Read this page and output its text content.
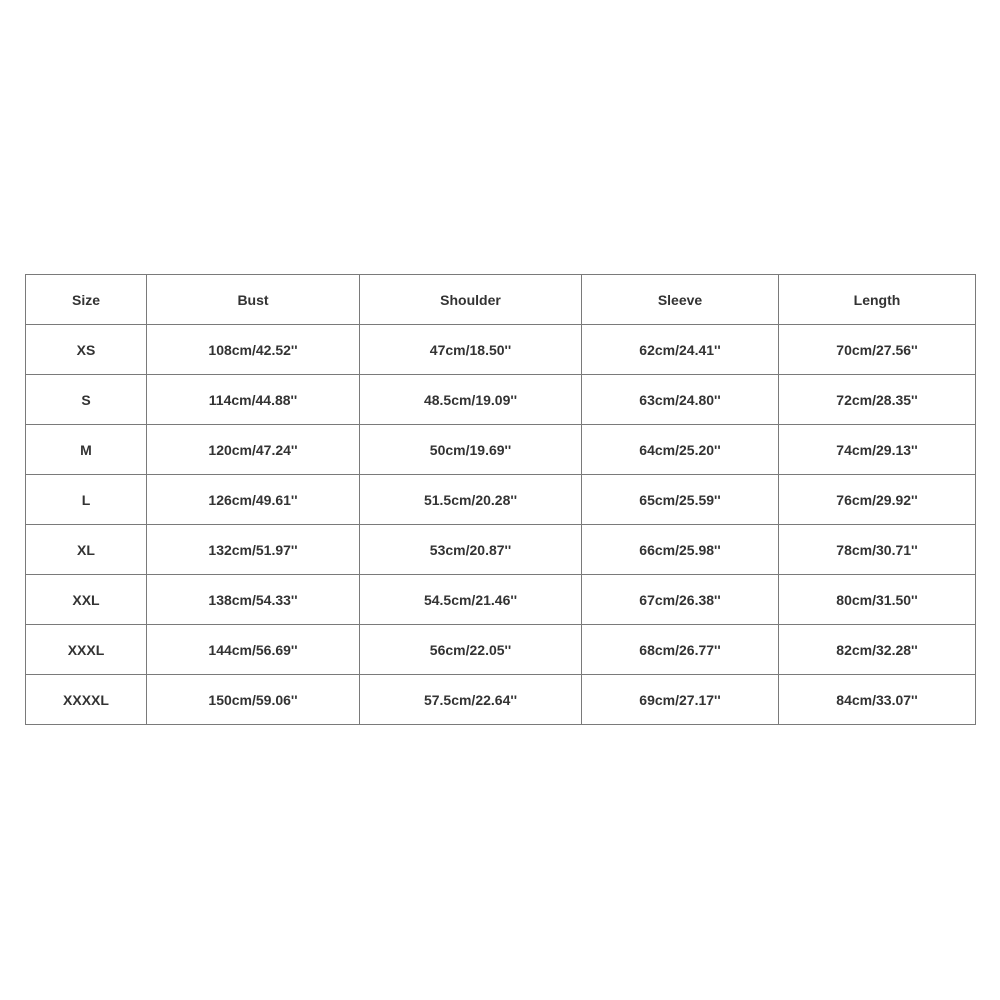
Size	Bust	Shoulder	Sleeve	Length
XS	108cm/42.52''	47cm/18.50''	62cm/24.41''	70cm/27.56''
S	114cm/44.88''	48.5cm/19.09''	63cm/24.80''	72cm/28.35''
M	120cm/47.24''	50cm/19.69''	64cm/25.20''	74cm/29.13''
L	126cm/49.61''	51.5cm/20.28''	65cm/25.59''	76cm/29.92''
XL	132cm/51.97''	53cm/20.87''	66cm/25.98''	78cm/30.71''
XXL	138cm/54.33''	54.5cm/21.46''	67cm/26.38''	80cm/31.50''
XXXL	144cm/56.69''	56cm/22.05''	68cm/26.77''	82cm/32.28''
XXXXL	150cm/59.06''	57.5cm/22.64''	69cm/27.17''	84cm/33.07''
